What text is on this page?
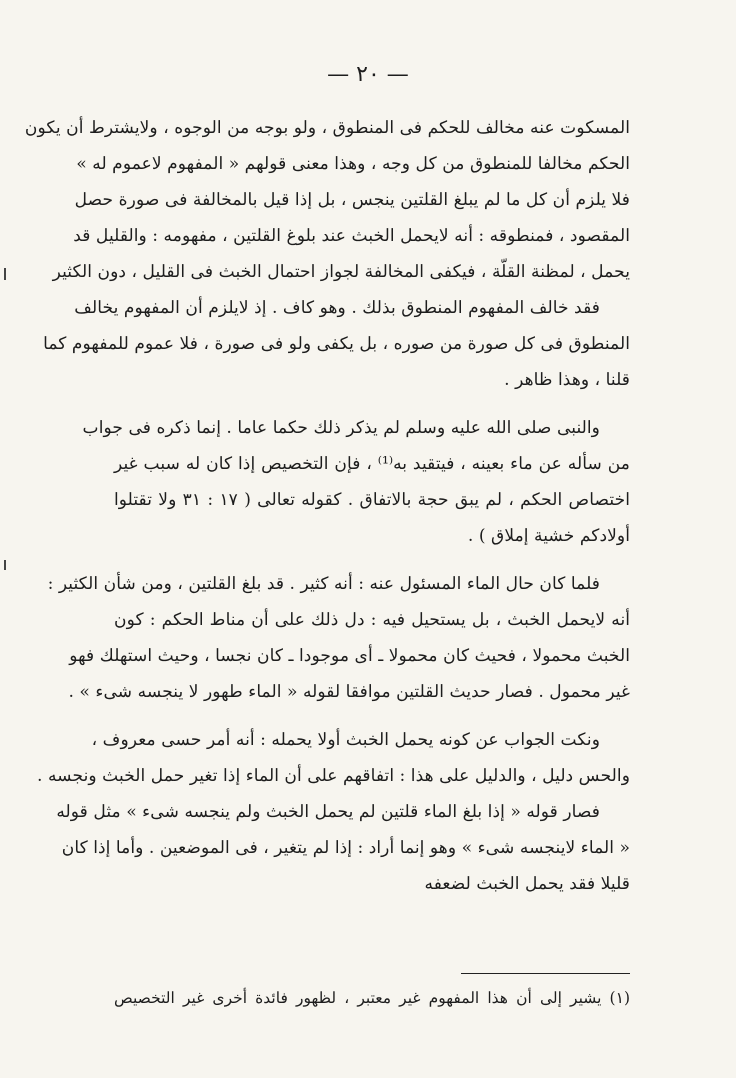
— ٢٠ —
المسكوت عنه مخالف للحكم فى المنطوق ، ولو بوجه من الوجوه ، ولايشترط أن يكون
الحكم مخالفا للمنطوق من كل وجه ، وهذا معنى قولهم « المفهوم لاعموم له »
فلا يلزم أن كل ما لم يبلغ القلتين ينجس ، بل إذا قيل بالمخالفة فى صورة حصل
المقصود ، فمنطوقه : أنه لايحمل الخبث عند بلوغ القلتين ، مفهومه : والقليل قد
يحمل ، لمظنة القلّة ، فيكفى المخالفة لجواز احتمال الخبث فى القليل ، دون الكثير
فقد خالف المفهوم المنطوق بذلك . وهو كاف . إذ لايلزم أن المفهوم يخالف
المنطوق فى كل صورة من صوره ، بل يكفى ولو فى صورة ، فلا عموم للمفهوم كما
قلنا ، وهذا ظاهر .
والنبى صلى الله عليه وسلم لم يذكر ذلك حكما عاما . إنما ذكره فى جواب
من سأله عن ماء بعينه ، فيتقيد به⁽¹⁾ ، فإن التخصيص إذا كان له سبب غير
اختصاص الحكم ، لم يبق حجة بالاتفاق . كقوله تعالى ( ١٧ : ٣١ ولا تقتلوا
أولادكم خشية إملاق ) .
فلما كان حال الماء المسئول عنه : أنه كثير . قد بلغ القلتين ، ومن شأن الكثير :
أنه لايحمل الخبث ، بل يستحيل فيه : دل ذلك على أن مناط الحكم : كون
الخبث محمولا ، فحيث كان محمولا ـ أى موجودا ـ كان نجسا ، وحيث استهلك فهو
غير محمول . فصار حديث القلتين موافقا لقوله « الماء طهور لا ينجسه شىء » .
ونكت الجواب عن كونه يحمل الخبث أولا يحمله : أنه أمر حسى معروف ،
والحس دليل ، والدليل على هذا : اتفاقهم على أن الماء إذا تغير حمل الخبث ونجسه .
فصار قوله « إذا بلغ الماء قلتين لم يحمل الخبث ولم ينجسه شىء » مثل قوله
« الماء لاينجسه شىء » وهو إنما أراد : إذا لم يتغير ، فى الموضعين . وأما إذا كان
قليلا فقد يحمل الخبث لضعفه
(١) يشير إلى أن هذا المفهوم غير معتبر ، لظهور فائدة أخرى غير التخصيص
